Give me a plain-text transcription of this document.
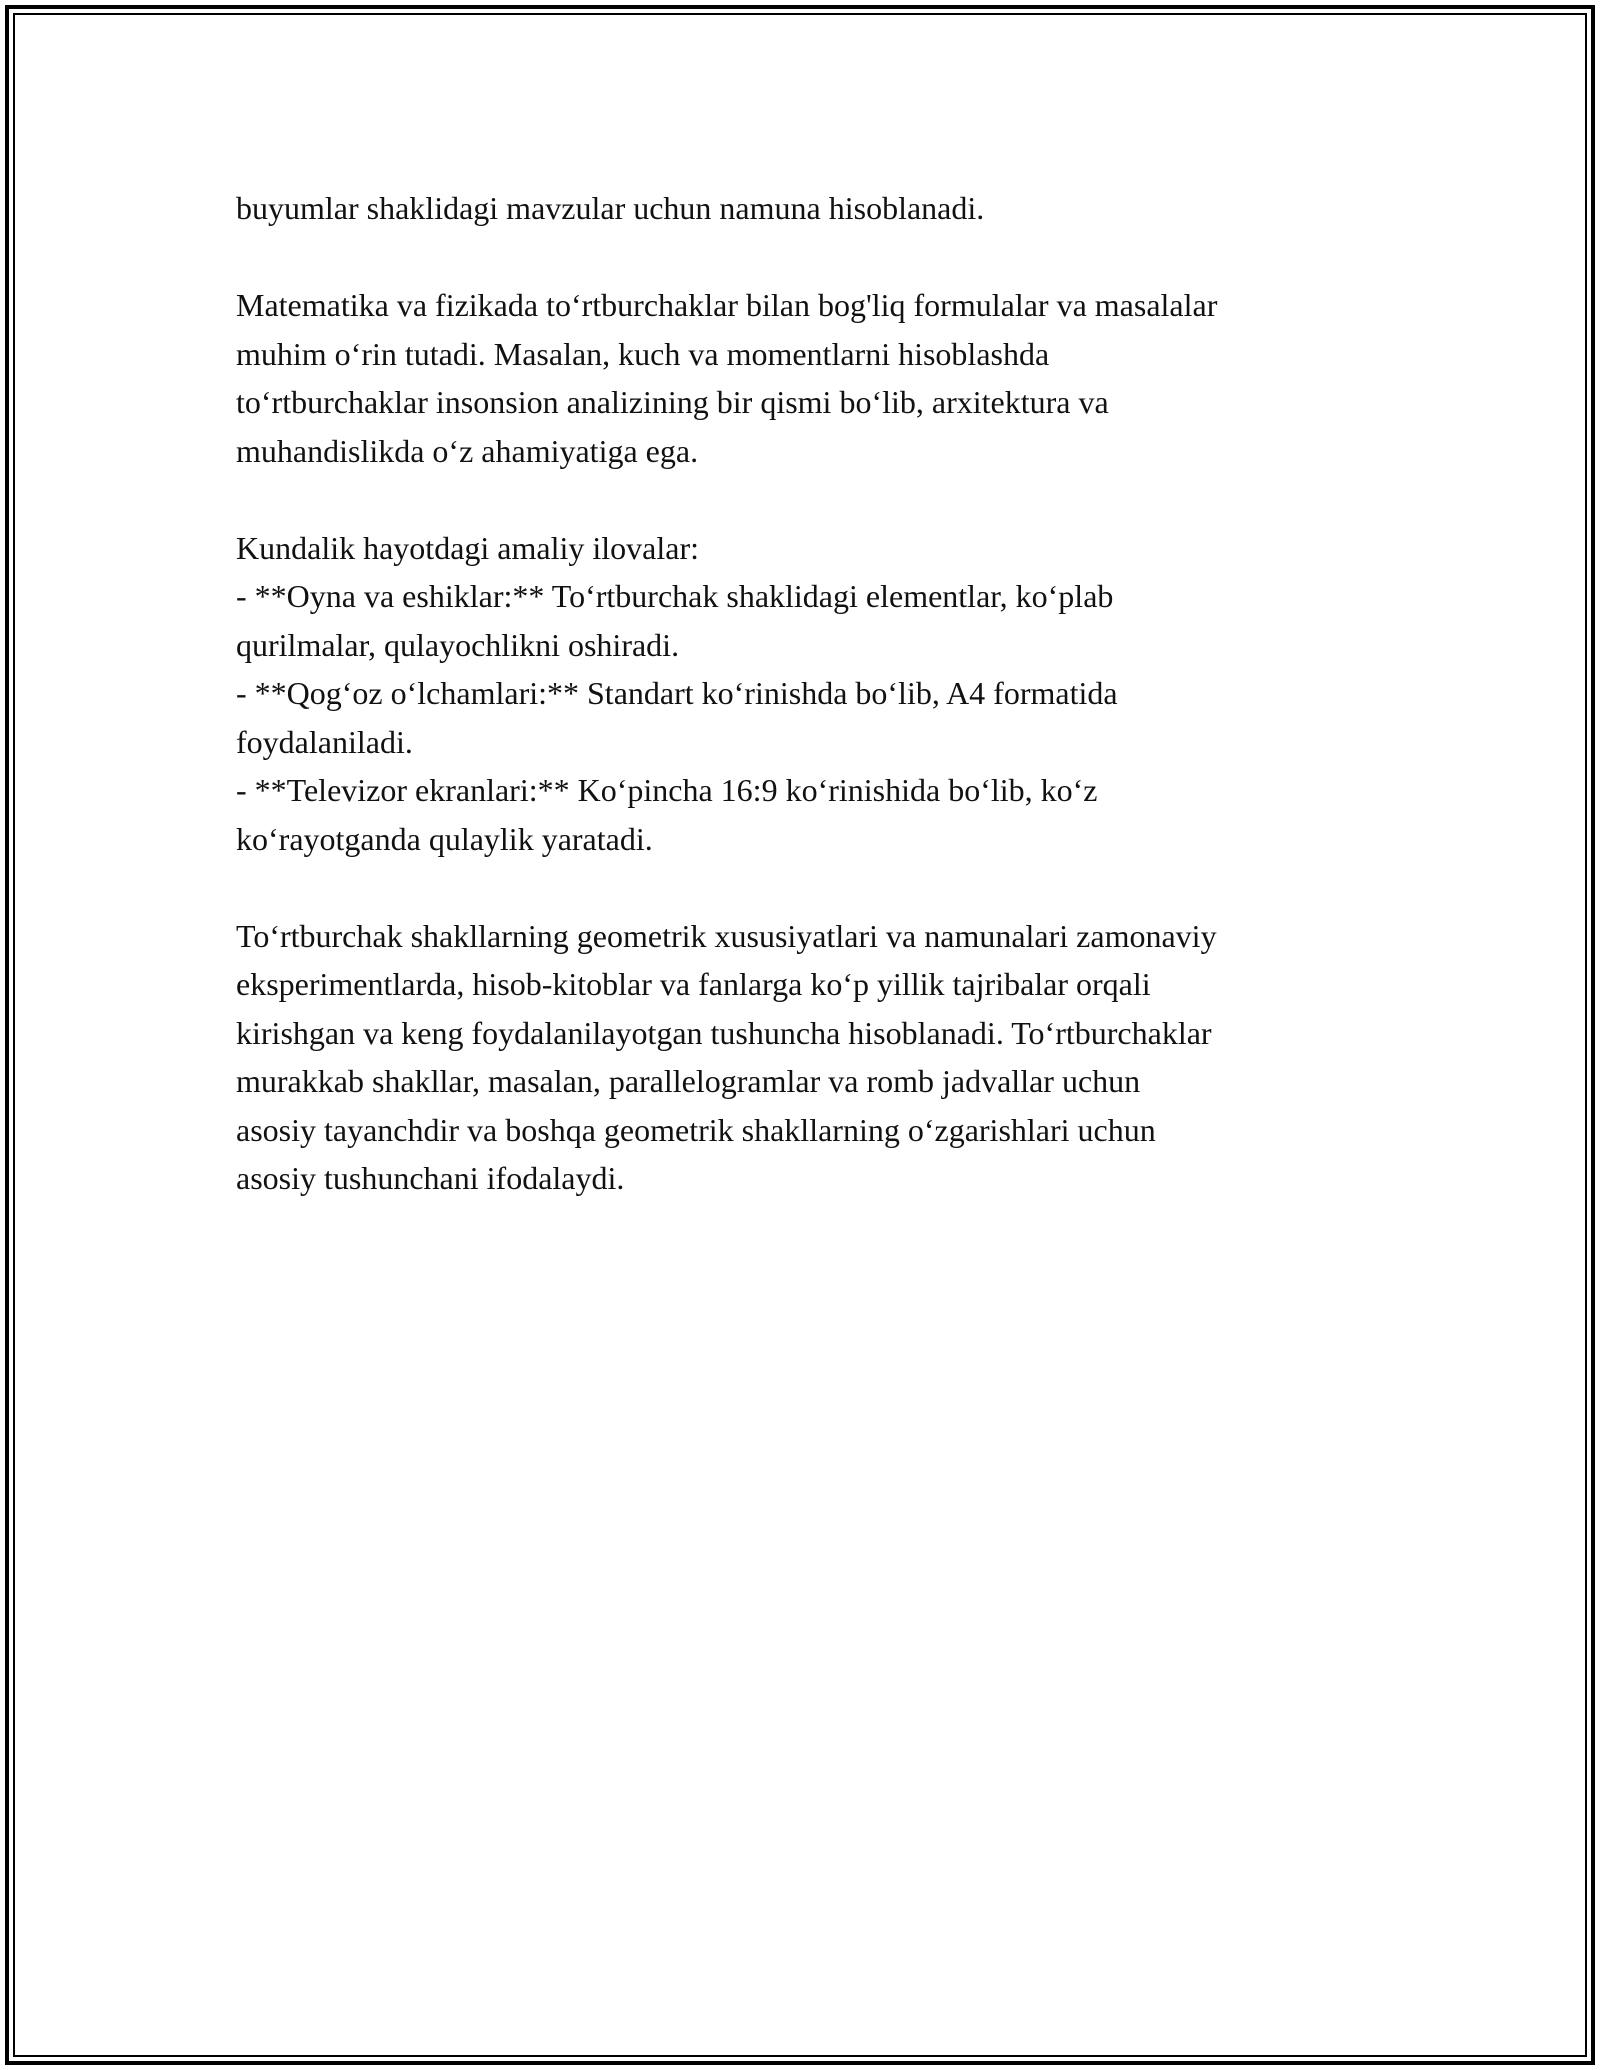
buyumlar shaklidagi mavzular uchun namuna hisoblanadi.

Matematika va fizikada to‘rtburchaklar bilan bog'liq formulalar va masalalar
muhim o‘rin tutadi. Masalan, kuch va momentlarni hisoblashda
to‘rtburchaklar insonsion analizining bir qismi bo‘lib, arxitektura va
muhandislikda o‘z ahamiyatiga ega.

Kundalik hayotdagi amaliy ilovalar:
- **Oyna va eshiklar:** To‘rtburchak shaklidagi elementlar, ko‘plab
qurilmalar, qulayochlikni oshiradi.
- **Qog‘oz o‘lchamlari:** Standart ko‘rinishda bo‘lib, A4 formatida
foydalaniladi.
- **Televizor ekranlari:** Ko‘pincha 16:9 ko‘rinishida bo‘lib, ko‘z
ko‘rayotganda qulaylik yaratadi.

To‘rtburchak shakllarning geometrik xususiyatlari va namunalari zamonaviy
eksperimentlarda, hisob-kitoblar va fanlarga ko‘p yillik tajribalar orqali
kirishgan va keng foydalanilayotgan tushuncha hisoblanadi. To‘rtburchaklar
murakkab shakllar, masalan, parallelogramlar va romb jadvallar uchun
asosiy tayanchdir va boshqa geometrik shakllarning o‘zgarishlari uchun
asosiy tushunchani ifodalaydi.
